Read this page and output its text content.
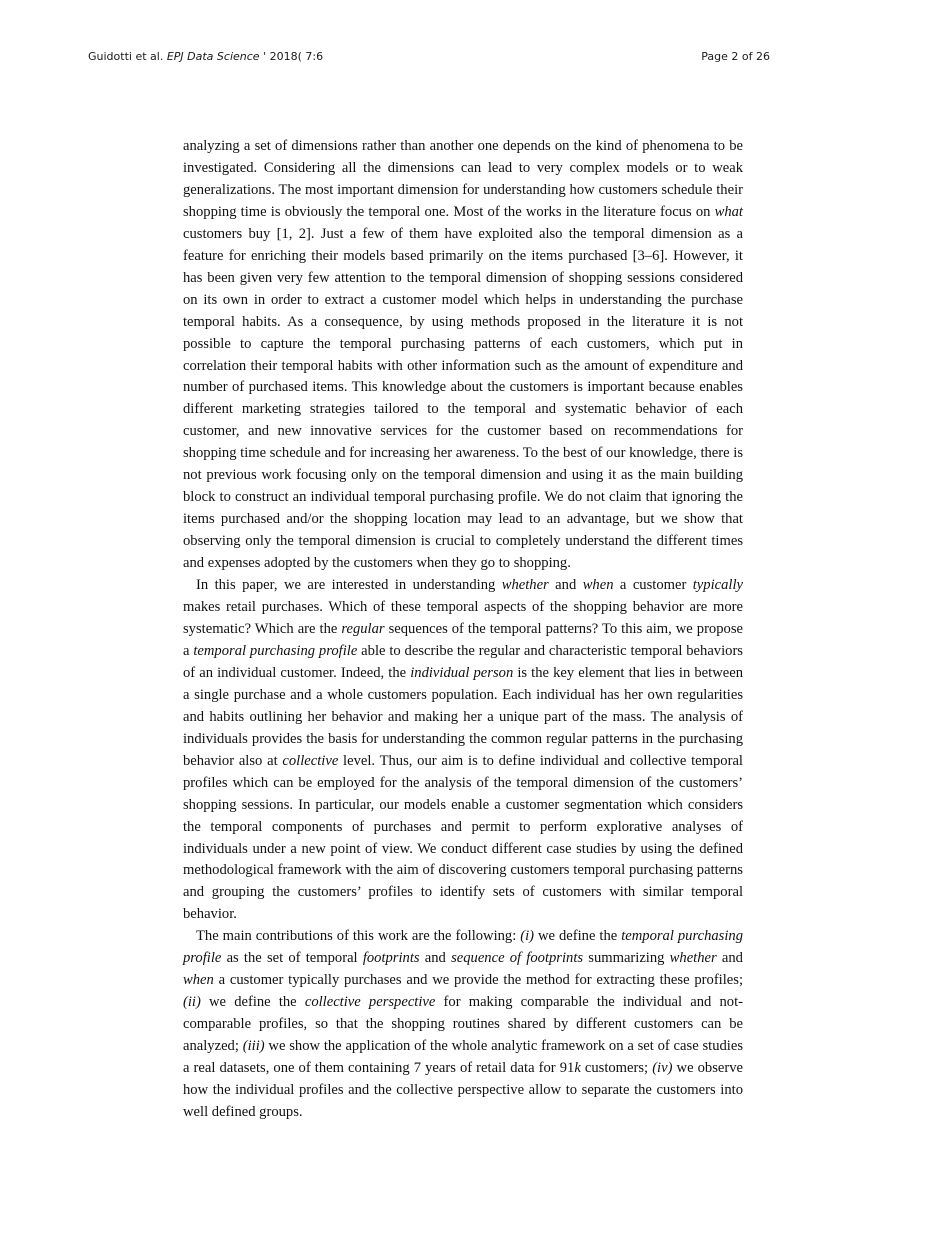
Guidotti et al. EPJ Data Science ' 2018( 7:6	Page 2 of 26

analyzing a set of dimensions rather than another one depends on the kind of phenomena to be investigated. Considering all the dimensions can lead to very complex models or to weak generalizations. The most important dimension for understanding how customers schedule their shopping time is obviously the temporal one. Most of the works in the literature focus on what customers buy [1, 2]. Just a few of them have exploited also the temporal dimension as a feature for enriching their models based primarily on the items purchased [3–6]. However, it has been given very few attention to the temporal dimension of shopping sessions considered on its own in order to extract a customer model which helps in understanding the purchase temporal habits. As a consequence, by using methods proposed in the literature it is not possible to capture the temporal purchasing patterns of each customers, which put in correlation their temporal habits with other information such as the amount of expenditure and number of purchased items. This knowledge about the customers is important because enables different marketing strategies tailored to the temporal and systematic behavior of each customer, and new innovative services for the customer based on recommendations for shopping time schedule and for increasing her awareness. To the best of our knowledge, there is not previous work focusing only on the temporal dimension and using it as the main building block to construct an individual temporal purchasing profile. We do not claim that ignoring the items purchased and/or the shopping location may lead to an advantage, but we show that observing only the temporal dimension is crucial to completely understand the different times and expenses adopted by the customers when they go to shopping.

In this paper, we are interested in understanding whether and when a customer typically makes retail purchases. Which of these temporal aspects of the shopping behavior are more systematic? Which are the regular sequences of the temporal patterns? To this aim, we propose a temporal purchasing profile able to describe the regular and characteristic temporal behaviors of an individual customer. Indeed, the individual person is the key element that lies in between a single purchase and a whole customers population. Each individual has her own regularities and habits outlining her behavior and making her a unique part of the mass. The analysis of individuals provides the basis for understanding the common regular patterns in the purchasing behavior also at collective level. Thus, our aim is to define individual and collective temporal profiles which can be employed for the analysis of the temporal dimension of the customers’ shopping sessions. In particular, our models enable a customer segmentation which considers the temporal components of purchases and permit to perform explorative analyses of individuals under a new point of view. We conduct different case studies by using the defined methodological framework with the aim of discovering customers temporal purchasing patterns and grouping the customers’ profiles to identify sets of customers with similar temporal behavior.

The main contributions of this work are the following: (i) we define the temporal purchasing profile as the set of temporal footprints and sequence of footprints summarizing whether and when a customer typically purchases and we provide the method for extracting these profiles; (ii) we define the collective perspective for making comparable the individual and not-comparable profiles, so that the shopping routines shared by different customers can be analyzed; (iii) we show the application of the whole analytic framework on a set of case studies a real datasets, one of them containing 7 years of retail data for 91k customers; (iv) we observe how the individual profiles and the collective perspective allow to separate the customers into well defined groups.
